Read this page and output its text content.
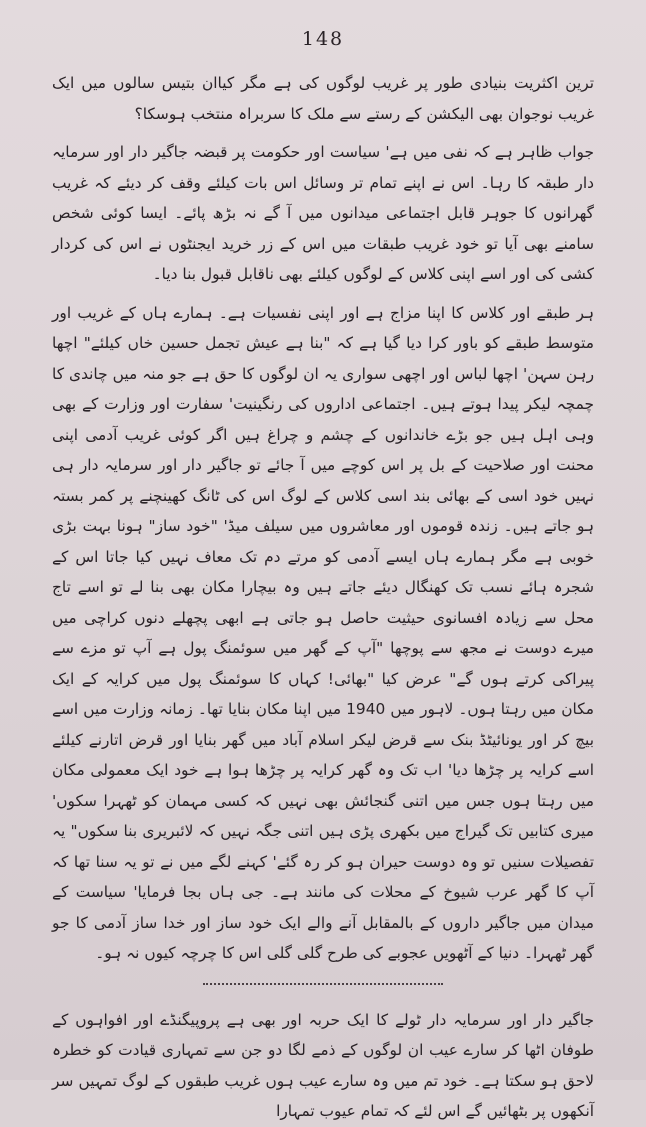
148

ترین اکثریت بنیادی طور پر غریب لوگوں کی ہے مگر کیاان بتیس سالوں میں ایک غریب نوجوان بھی الیکشن کے رستے سے ملک کا سربراہ منتخب ہوسکا؟

جواب ظاہر ہے کہ نفی میں ہے' سیاست اور حکومت پر قبضہ جاگیر دار اور سرمایہ دار طبقہ کا رہا۔ اس نے اپنے تمام تر وسائل اس بات کیلئے وقف کر دیئے کہ غریب گھرانوں کا جوہر قابل اجتماعی میدانوں میں آ گے نہ بڑھ پائے۔ ایسا کوئی شخص سامنے بھی آیا تو خود غریب طبقات میں اس کے زر خرید ایجنٹوں نے اس کی کردار کشی کی اور اسے اپنی کلاس کے لوگوں کیلئے بھی ناقابل قبول بنا دیا۔

ہر طبقے اور کلاس کا اپنا مزاج ہے اور اپنی نفسیات ہے۔ ہمارے ہاں کے غریب اور متوسط طبقے کو باور کرا دیا گیا ہے کہ "بنا ہے عیش تجمل حسین خاں کیلئے" اچھا رہن سہن' اچھا لباس اور اچھی سواری یہ ان لوگوں کا حق ہے جو منہ میں چاندی کا چمچہ لیکر پیدا ہوتے ہیں۔ اجتماعی اداروں کی رنگینیت' سفارت اور وزارت کے بھی وہی اہل ہیں جو بڑے خاندانوں کے چشم و چراغ ہیں اگر کوئی غریب آدمی اپنی محنت اور صلاحیت کے بل پر اس کوچے میں آ جائے تو جاگیر دار اور سرمایہ دار ہی نہیں خود اسی کے بھائی بند اسی کلاس کے لوگ اس کی ٹانگ کھینچنے پر کمر بستہ ہو جاتے ہیں۔ زندہ قوموں اور معاشروں میں سیلف میڈ' "خود ساز" ہونا بہت بڑی خوبی ہے مگر ہمارے ہاں ایسے آدمی کو مرتے دم تک معاف نہیں کیا جاتا اس کے شجرہ ہائے نسب تک کھنگال دیئے جاتے ہیں وہ بیچارا مکان بھی بنا لے تو اسے تاج محل سے زیادہ افسانوی حیثیت حاصل ہو جاتی ہے ابھی پچھلے دنوں کراچی میں میرے دوست نے مجھ سے پوچھا "آپ کے گھر میں سوئمنگ پول ہے آپ تو مزے سے پیراکی کرتے ہوں گے" عرض کیا "بھائی! کہاں کا سوئمنگ پول میں کرایہ کے ایک مکان میں رہتا ہوں۔ لاہور میں 1940 میں اپنا مکان بنایا تھا۔ زمانہ وزارت میں اسے بیچ کر اور یونائیٹڈ بنک سے قرض لیکر اسلام آباد میں گھر بنایا اور قرض اتارنے کیلئے اسے کرایہ پر چڑھا دیا' اب تک وہ گھر کرایہ پر چڑھا ہوا ہے خود ایک معمولی مکان میں رہتا ہوں جس میں اتنی گنجائش بھی نہیں کہ کسی مہمان کو ٹھہرا سکوں' میری کتابیں تک گیراج میں بکھری پڑی ہیں اتنی جگہ نہیں کہ لائبریری بنا سکوں" یہ تفصیلات سنیں تو وہ دوست حیران ہو کر رہ گئے' کہنے لگے میں نے تو یہ سنا تھا کہ آپ کا گھر عرب شیوخ کے محلات کی مانند ہے۔ جی ہاں بجا فرمایا' سیاست کے میدان میں جاگیر داروں کے بالمقابل آنے والے ایک خود ساز اور خدا ساز آدمی کا جو گھر ٹھہرا۔ دنیا کے آٹھویں عجوبے کی طرح گلی گلی اس کا چرچہ کیوں نہ ہو۔

جاگیر دار اور سرمایہ دار ٹولے کا ایک حربہ اور بھی ہے پروپیگنڈے اور افواہوں کے طوفان اٹھا کر سارے عیب ان لوگوں کے ذمے لگا دو جن سے تمہاری قیادت کو خطرہ لاحق ہو سکتا ہے۔ خود تم میں وہ سارے عیب ہوں غریب طبقوں کے لوگ تمہیں سر آنکھوں پر بٹھائیں گے اس لئے کہ تمام عیوب تمہارا
